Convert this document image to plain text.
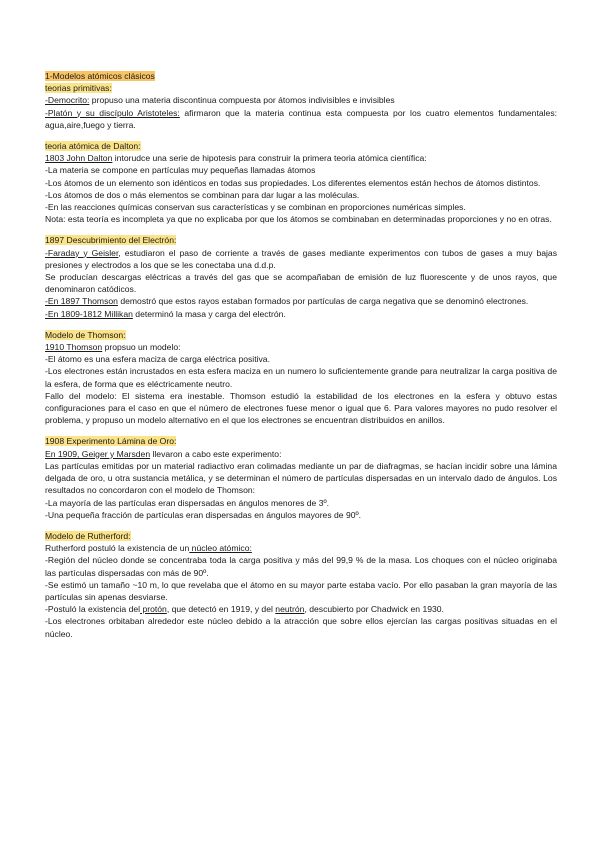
1-Modelos atómicos clásicos

teorias primitivas:

-Democrito: propuso una materia discontinua compuesta por átomos indivisibles e invisibles

-Platón y su discípulo Aristoteles: afirmaron que la materia continua esta compuesta por los cuatro elementos fundamentales: agua,aire,fuego y tierra.

teoria atómica de Dalton:

1803 John Dalton intorudce una serie de hipotesis para construir la primera teoria atómica científica:

-La materia se compone en partículas muy pequeñas llamadas átomos

-Los átomos de un elemento son idénticos en todas sus propiedades. Los diferentes elementos están hechos de átomos distintos.

-Los átomos de dos o más elementos se combinan para dar lugar a las moléculas.

-En las reacciones químicas conservan sus características y se combinan en proporciones numéricas simples.

Nota: esta teoría es incompleta ya que no explicaba por que los átomos se combinaban en determinadas proporciones y no en otras.

1897 Descubrimiento del Electrón:

-Faraday y Geisler, estudiaron el paso de corriente a través de gases mediante experimentos con tubos de gases a muy bajas presiones y electrodos a los que se les conectaba una d.d.p.

Se producían descargas eléctricas a través del gas que se acompañaban de emisión de luz fluorescente y de unos rayos, que denominaron catódicos.

-En 1897 Thomson demostró que estos rayos estaban formados por partículas de carga negativa que se denominó electrones.

-En 1809-1812 Millikan determinó la masa y carga del electrón.

Modelo de Thomson:

1910 Thomson propsuo un modelo:

-El átomo es una esfera maciza de carga eléctrica positiva.

-Los electrones están incrustados en esta esfera maciza en un numero lo suficientemente grande para neutralizar la carga positiva de la esfera, de forma que es eléctricamente neutro.

Fallo del modelo: El sistema era inestable. Thomson estudió la estabilidad de los electrones en la esfera y obtuvo estas configuraciones para el caso en que el número de electrones fuese menor o igual que 6. Para valores mayores no pudo resolver el problema, y propuso un modelo alternativo en el que los electrones se encuentran distribuidos en anillos.

1908 Experimento Lámina de Oro:

En 1909, Geiger y Marsden llevaron a cabo este experimento:

Las partículas emitidas por un material radiactivo eran colimadas mediante un par de diafragmas, se hacían incidir sobre una lámina delgada de oro, u otra sustancia metálica, y se determinan el número de partículas dispersadas en un intervalo dado de ángulos. Los resultados no concordaron con el modelo de Thomson:

-La mayoría de las partículas eran dispersadas en ángulos menores de 3º.

-Una pequeña fracción de partículas eran dispersadas en ángulos mayores de 90º.

Modelo de Rutherford:

Rutherford postuló la existencia de un núcleo atómico:

-Región del núcleo donde se concentraba toda la carga positiva y más del 99,9 % de la masa. Los choques con el núcleo originaba las partículas dispersadas con más de 90º.

-Se estimó un tamaño ~10 m, lo que revelaba que el átomo en su mayor parte estaba vacío. Por ello pasaban la gran mayoría de las partículas sin apenas desviarse.

-Postuló la existencia del protón, que detectó en 1919, y del neutrón, descubierto por Chadwick en 1930.

-Los electrones orbitaban alrededor este núcleo debido a la atracción que sobre ellos ejercían las cargas positivas situadas en el núcleo.
